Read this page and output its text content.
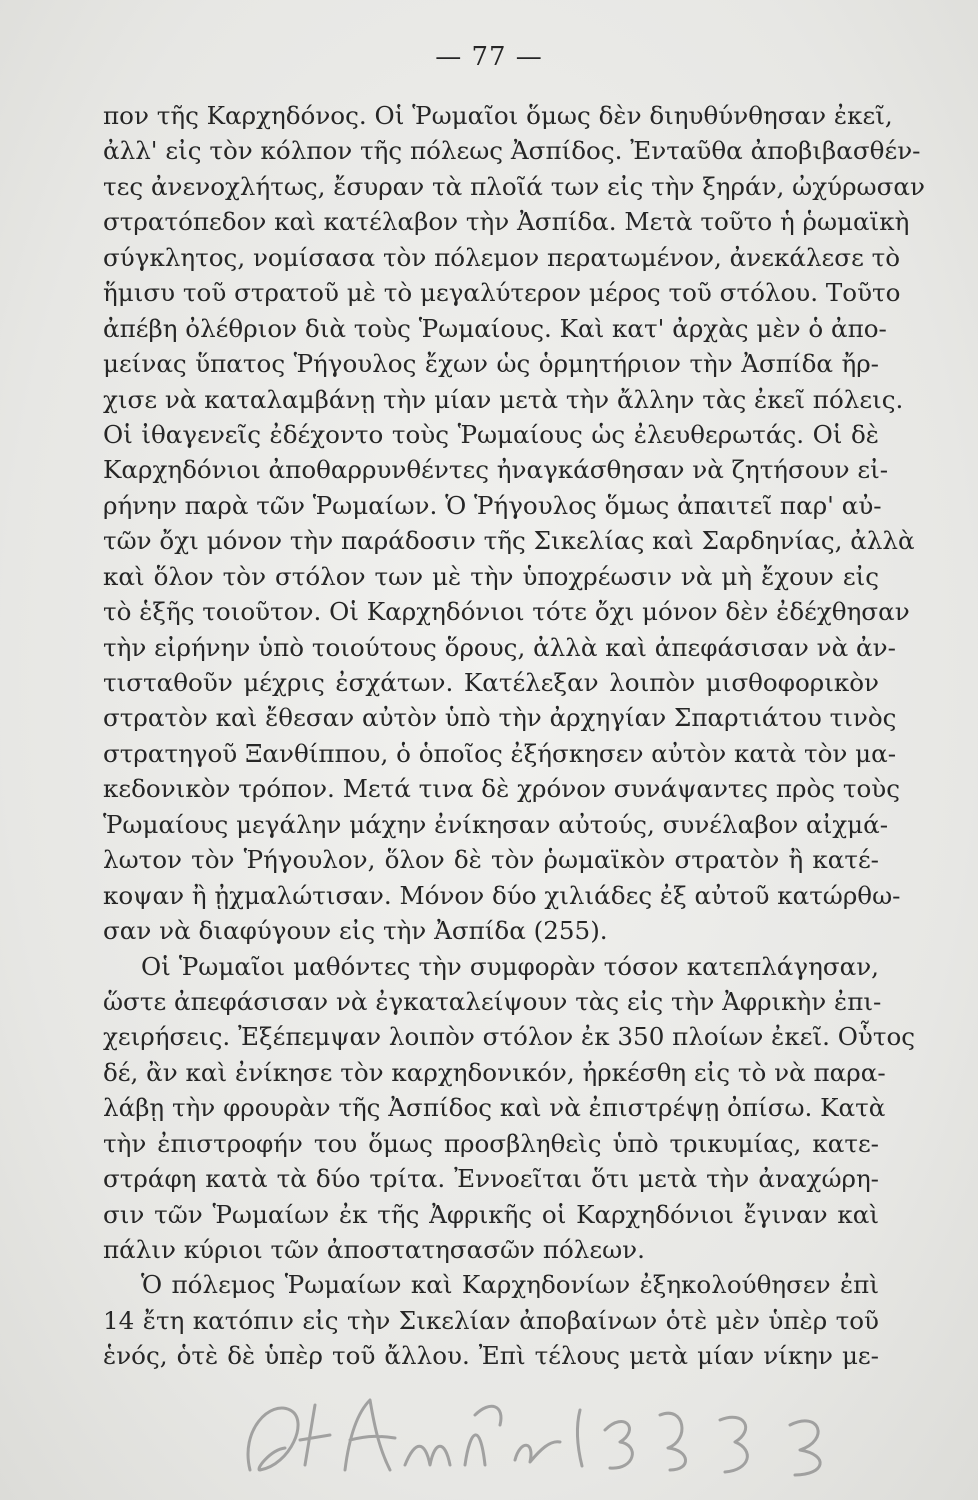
— 77 —
πον τῆς Καρχηδόνος. Οἱ Ῥωμαῖοι ὅμως δὲν διηυθύνθησαν ἐκεῖ,
ἀλλ' εἰς τὸν κόλπον τῆς πόλεως Ἀσπίδος. Ἐνταῦθα ἀποβιβασθέν-
τες ἀνενοχλήτως, ἔσυραν τὰ πλοῖά των εἰς τὴν ξηράν, ὠχύρωσαν
στρατόπεδον καὶ κατέλαβον τὴν Ἀσπίδα. Μετὰ τοῦτο ἡ ῥωμαϊκὴ
σύγκλητος, νομίσασα τὸν πόλεμον περατωμένον, ἀνεκάλεσε τὸ
ἥμισυ τοῦ στρατοῦ μὲ τὸ μεγαλύτερον μέρος τοῦ στόλου. Τοῦτο
ἀπέβη ὀλέθριον διὰ τοὺς Ῥωμαίους. Καὶ κατ' ἀρχὰς μὲν ὁ ἀπο-
μείνας ὕπατος Ῥήγουλος ἔχων ὡς ὁρμητήριον τὴν Ἀσπίδα ἤρ-
χισε νὰ καταλαμβάνῃ τὴν μίαν μετὰ τὴν ἄλλην τὰς ἐκεῖ πόλεις.
Οἱ ἰθαγενεῖς ἐδέχοντο τοὺς Ῥωμαίους ὡς ἐλευθερωτάς. Οἱ δὲ
Καρχηδόνιοι ἀποθαρρυνθέντες ἠναγκάσθησαν νὰ ζητήσουν εἰ-
ρήνην παρὰ τῶν Ῥωμαίων. Ὁ Ῥήγουλος ὅμως ἀπαιτεῖ παρ' αὐ-
τῶν ὄχι μόνον τὴν παράδοσιν τῆς Σικελίας καὶ Σαρδηνίας, ἀλλὰ
καὶ ὅλον τὸν στόλον των μὲ τὴν ὑποχρέωσιν νὰ μὴ ἔχουν εἰς
τὸ ἑξῆς τοιοῦτον. Οἱ Καρχηδόνιοι τότε ὄχι μόνον δὲν ἐδέχθησαν
τὴν εἰρήνην ὑπὸ τοιούτους ὅρους, ἀλλὰ καὶ ἀπεφάσισαν νὰ ἀν-
τισταθοῦν μέχρις ἐσχάτων. Κατέλεξαν λοιπὸν μισθοφορικὸν
στρατὸν καὶ ἔθεσαν αὐτὸν ὑπὸ τὴν ἀρχηγίαν Σπαρτιάτου τινὸς
στρατηγοῦ Ξανθίππου, ὁ ὁποῖος ἐξήσκησεν αὐτὸν κατὰ τὸν μα-
κεδονικὸν τρόπον. Μετά τινα δὲ χρόνον συνάψαντες πρὸς τοὺς
Ῥωμαίους μεγάλην μάχην ἐνίκησαν αὐτούς, συνέλαβον αἰχμά-
λωτον τὸν Ῥήγουλον, ὅλον δὲ τὸν ῥωμαϊκὸν στρατὸν ἢ κατέ-
κοψαν ἢ ᾐχμαλώτισαν. Μόνον δύο χιλιάδες ἐξ αὐτοῦ κατώρθω-
σαν νὰ διαφύγουν εἰς τὴν Ἀσπίδα (255).
Οἱ Ῥωμαῖοι μαθόντες τὴν συμφορὰν τόσον κατεπλάγησαν,
ὥστε ἀπεφάσισαν νὰ ἐγκαταλείψουν τὰς εἰς τὴν Ἀφρικὴν ἐπι-
χειρήσεις. Ἐξέπεμψαν λοιπὸν στόλον ἐκ 350 πλοίων ἐκεῖ. Οὗτος
δέ, ἂν καὶ ἐνίκησε τὸν καρχηδονικόν, ἠρκέσθη εἰς τὸ νὰ παρα-
λάβῃ τὴν φρουρὰν τῆς Ἀσπίδος καὶ νὰ ἐπιστρέψῃ ὀπίσω. Κατὰ
τὴν ἐπιστροφήν του ὅμως προσβληθεὶς ὑπὸ τρικυμίας, κατε-
στράφη κατὰ τὰ δύο τρίτα. Ἐννοεῖται ὅτι μετὰ τὴν ἀναχώρη-
σιν τῶν Ῥωμαίων ἐκ τῆς Ἀφρικῆς οἱ Καρχηδόνιοι ἔγιναν καὶ
πάλιν κύριοι τῶν ἀποστατησασῶν πόλεων.
Ὁ πόλεμος Ῥωμαίων καὶ Καρχηδονίων ἐξηκολούθησεν ἐπὶ
14 ἔτη κατόπιν εἰς τὴν Σικελίαν ἀποβαίνων ὁτὲ μὲν ὑπὲρ τοῦ
ἑνός, ὁτὲ δὲ ὑπὲρ τοῦ ἄλλου. Ἐπὶ τέλους μετὰ μίαν νίκην με-
